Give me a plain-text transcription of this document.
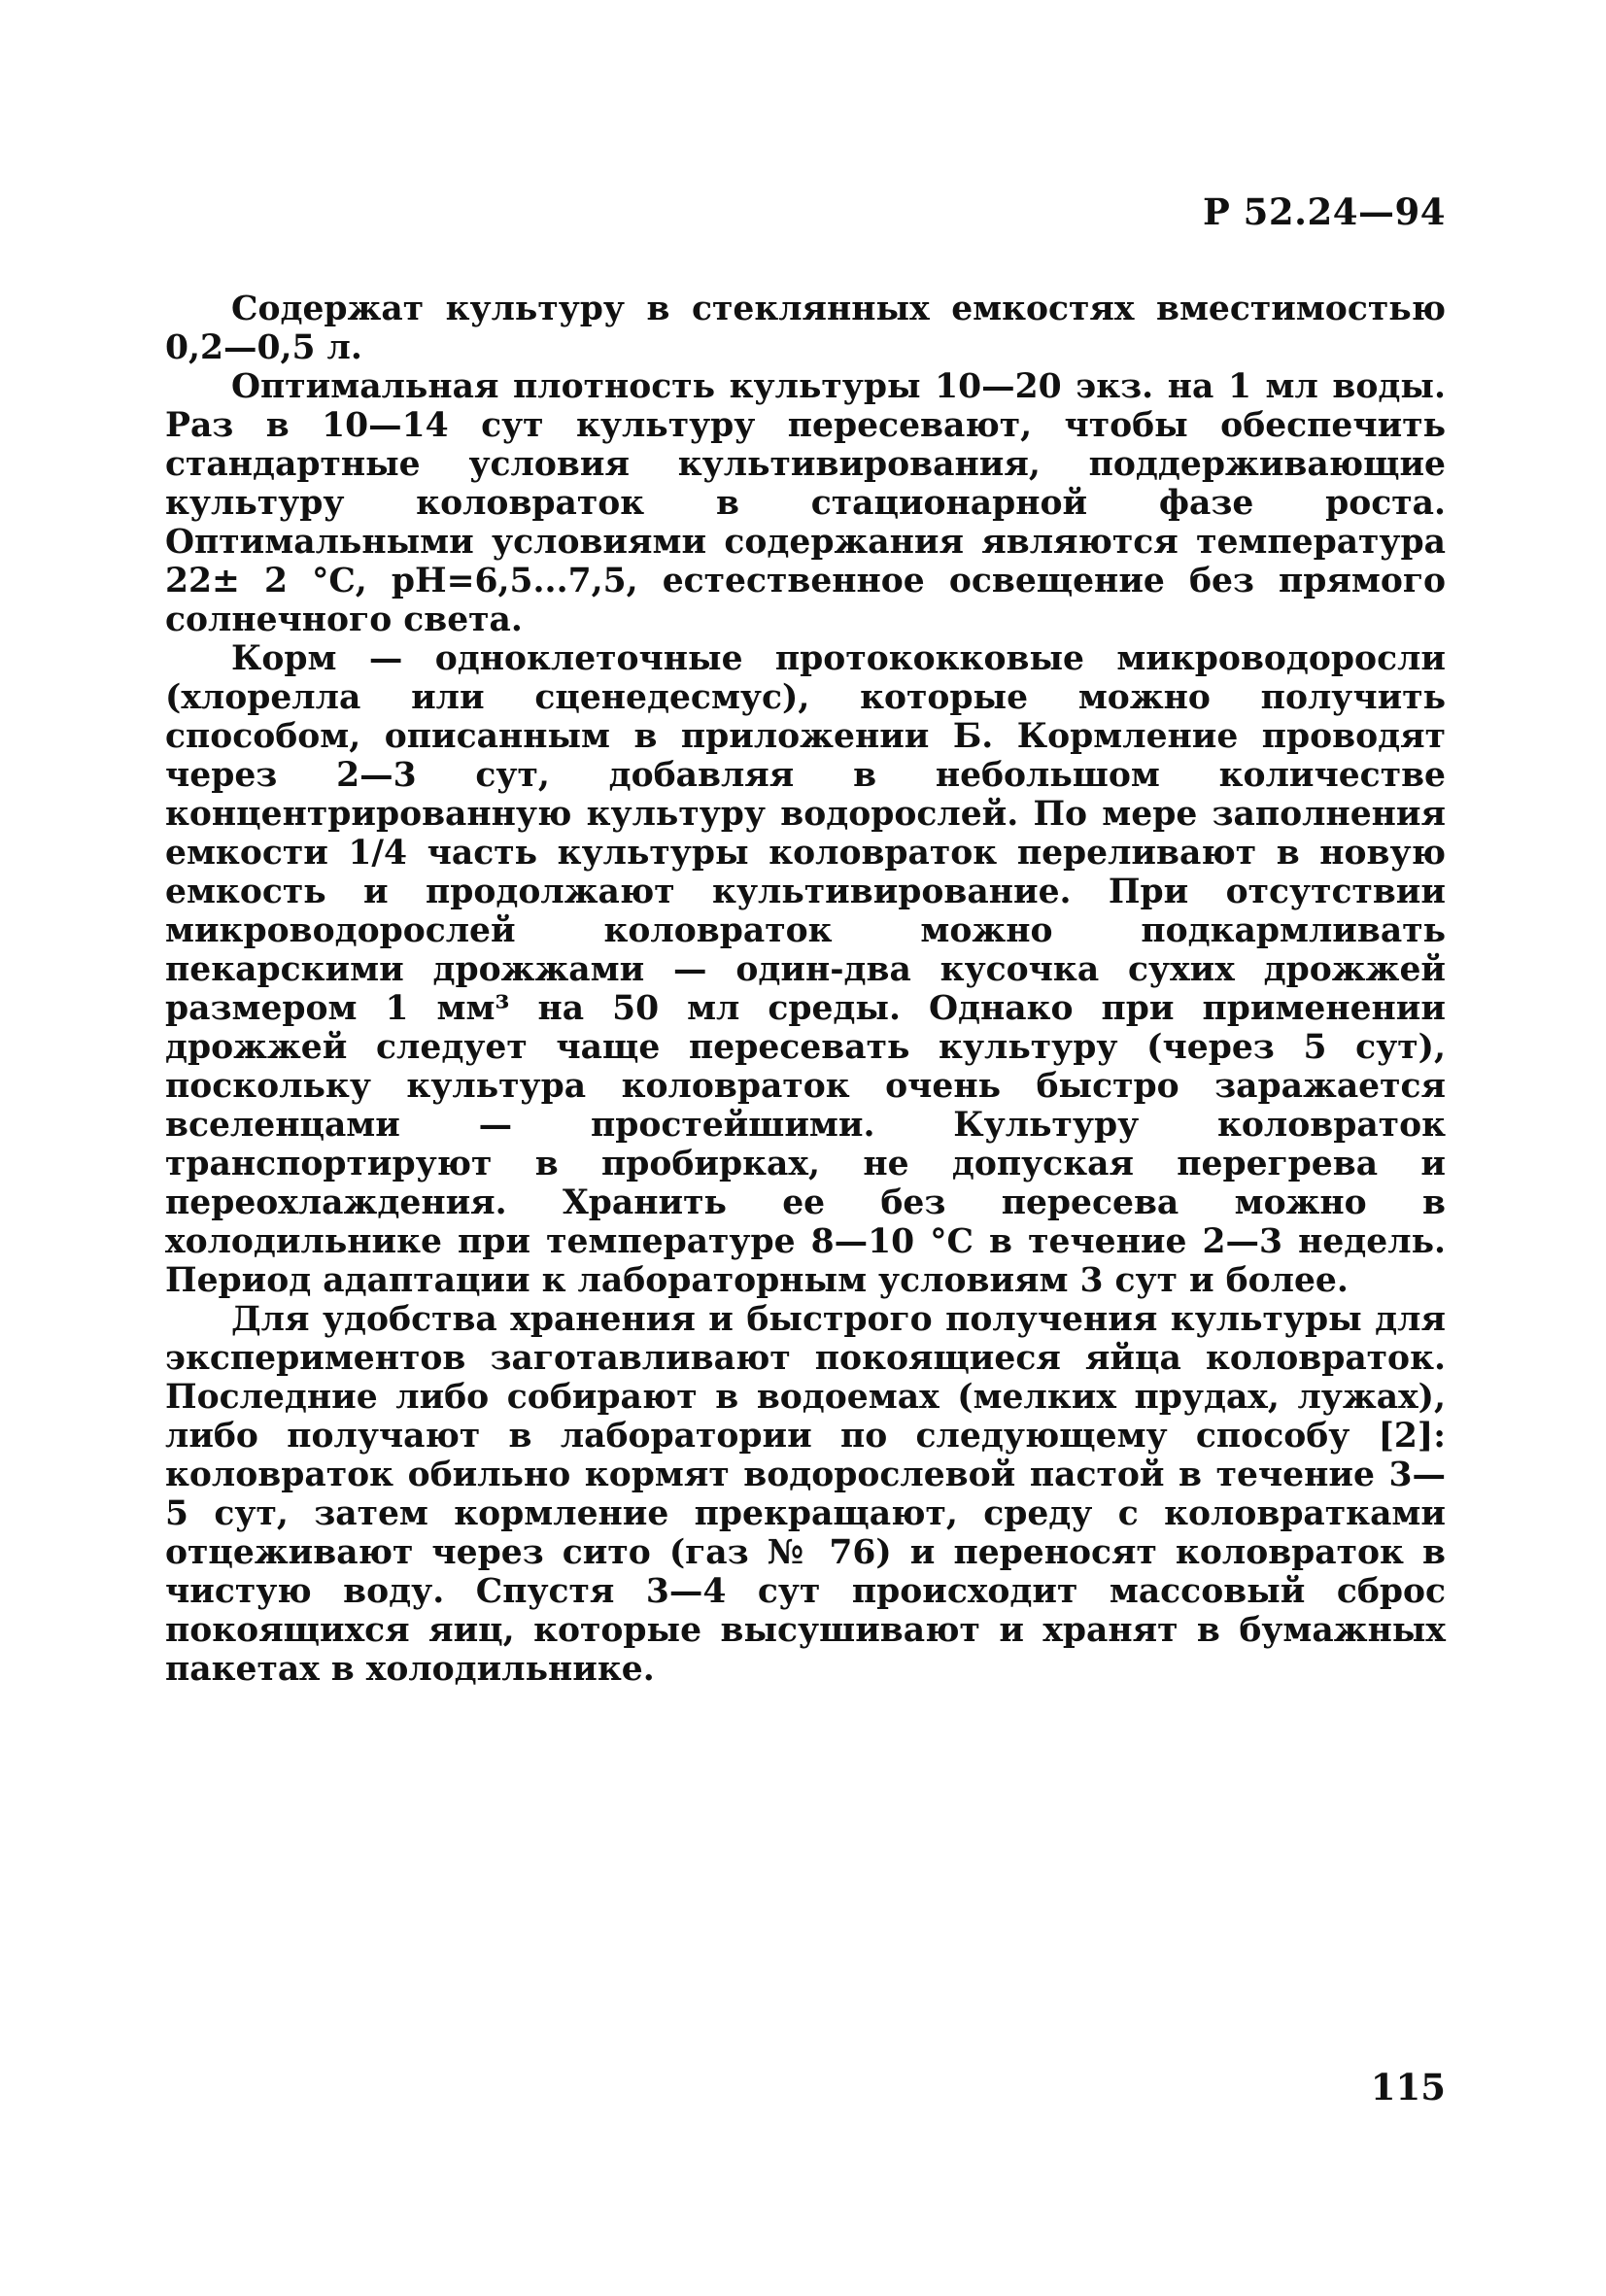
Р 52.24—94

Содержат культуру в стеклянных емкостях вместимостью 0,2—0,5 л.

Оптимальная плотность культуры 10—20 экз. на 1 мл воды. Раз в 10—14 сут культуру пересевают, чтобы обеспечить стандартные условия культивирования, поддерживающие культуру коловраток в стационарной фазе роста. Оптимальными условиями содержания являются температура 22± 2 °С, pH=6,5...7,5, естественное освещение без прямого солнечного света.

Корм — одноклеточные протококковые микроводоросли (хлорелла или сценедесмус), которые можно получить способом, описанным в приложении Б. Кормление проводят через 2—3 сут, добавляя в небольшом количестве концентрированную культуру водорослей. По мере заполнения емкости 1/4 часть культуры коловраток переливают в новую емкость и продолжают культивирование. При отсутствии микроводорослей коловраток можно подкармливать пекарскими дрожжами — один-два кусочка сухих дрожжей размером 1 мм³ на 50 мл среды. Однако при применении дрожжей следует чаще пересевать культуру (через 5 сут), поскольку культура коловраток очень быстро заражается вселенцами — простейшими. Культуру коловраток транспортируют в пробирках, не допуская перегрева и переохлаждения. Хранить ее без пересева можно в холодильнике при температуре 8—10 °С в течение 2—3 недель. Период адаптации к лабораторным условиям 3 сут и более.

Для удобства хранения и быстрого получения культуры для экспериментов заготавливают покоящиеся яйца коловраток. Последние либо собирают в водоемах (мелких прудах, лужах), либо получают в лаборатории по следующему способу [2]: коловраток обильно кормят водорослевой пастой в течение 3—5 сут, затем кормление прекращают, среду с коловратками отцеживают через сито (газ № 76) и переносят коловраток в чистую воду. Спустя 3—4 сут происходит массовый сброс покоящихся яиц, которые высушивают и хранят в бумажных пакетах в холодильнике.

115
